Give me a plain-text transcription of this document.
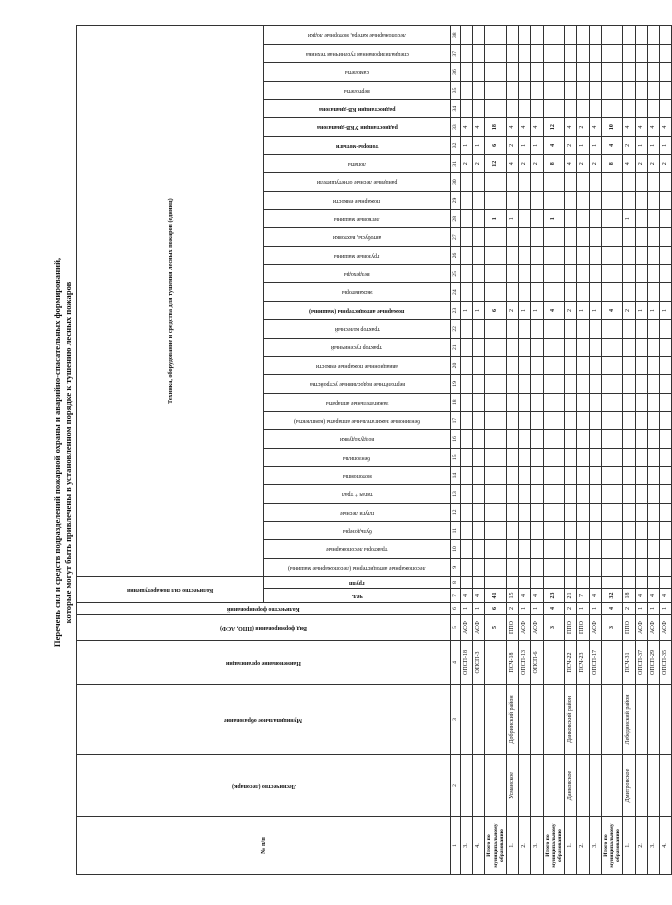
Перечень сил и средств подразделений пожарной охраны и аварийно-спасательных формирований, которые могут быть привлечены в установленном порядке к тушению лесных пожаров
№ п/п	Лесничество (лесопарк)	Муниципальное образование	Наименование организации	Вид формирования (ППО, АСФ)	Количество формирований	Количество сил пожаротушения		Техника, оборудование и средства для тушения лесных пожаров (единиц)																													

						чел.	групп	лесопожарные автоцистерны (лесопожарные машины)	тракторы лесопожарные	бульдозеры	плуги лесные	тягач + трал	мотопомпы	бензопилы	воздуходувки	бензиновые зажигательные аппараты (комплекты)	зажигательные аппараты	вертолётные водосливные устройства	авиационные пожарные емкости	трактор гусеничный	трактор колесный	пожарные автоцистерны (машины)	экскаваторы	вездеходы	грузовые машины	автобусы, вахтовки	легковые машины	пожарные емкости	ранцевые лесные огнетушители	лопаты	топоры-мотыги	радиостанции УКВ-диапазона	радиостанции КВ-диапазона	вертолеты	самолеты	специализированная гусеничная техника	лесопожарные катера, моторные лодки

1	2	3	4	5	6	7	8	9	10	11	12	13	14	15	16	17	18	19	20	21	22	23	24	25	26	27	28	29	30	31	32	33	34	35	36	37	38
3.			ОПСП-18	АСФ	1	4																1								2	1	4					
4.			ОПСП-3	АСФ	1	4																1								2	1	4					
Итого по муниципальному образованию				5	6	41																6					1			12	6	18					
1.	Усманское	Добринский район	ПСЧ-18	ППО	2	15																2					1			4	2	4					
2.			ОПСП-13	АСФ	1	4																1								2	1	4					
3.			ОПСП-6	АСФ	1	4																1								2	1	4					
Итого по муниципальному образованию				3	4	23																4					1			8	4	12					
1.	Данковское	Данковский район	ПСЧ-22	ППО	2	21																2								4	2	4					
2.			ПСЧ-23	ППО	1	7																1								2	1	2					
3.			ОПСП-17	АСФ	1	4																1								2	1	4					
Итого по муниципальному образованию				3	4	32																4								8	4	10					
1.	Дмитровское	Лебедянский район	ПСЧ-31	ППО	2	18																2					1			4	2	4					
2.			ОПСП-37	АСФ	1	4																1								2	1	4					
3.			ОПСП-29	АСФ	1	4																1								2	1	4					
4.			ОПСП-35	АСФ	1	4																1								2	1	4					
